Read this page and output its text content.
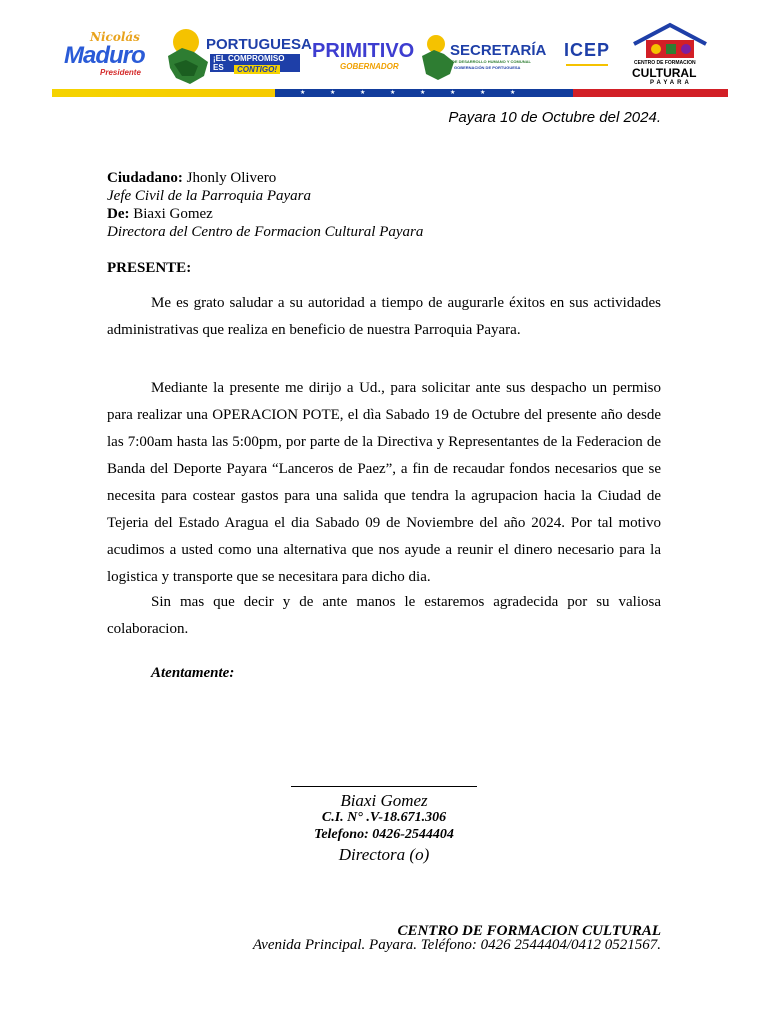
Nicolás
Maduro
Presidente
PORTUGUESA
¡EL COMPROMISO ES	CONTIGO!
PRIMITIVO
GOBERNADOR
SECRETARÍA
DE DESARROLLO HUMANO Y COMUNAL
GOBERNACIÓN DE PORTUGUESA
ICEP
CENTRO DE FORMACION
CULTURAL
PAYARA
★	★	★	★	★	★	★	★
Payara 10 de Octubre del 2024.
Ciudadano: Jhonly Olivero
Jefe Civil de la Parroquia Payara
De: Biaxi Gomez
Directora del Centro de Formacion Cultural Payara
PRESENTE:
Me es grato saludar a su autoridad a tiempo de augurarle éxitos en sus actividades administrativas que realiza en beneficio de nuestra Parroquia Payara.
Mediante la presente me dirijo a Ud., para solicitar ante sus despacho un permiso para realizar una OPERACION POTE, el dìa Sabado 19 de Octubre del presente año desde las 7:00am hasta las 5:00pm, por parte de la Directiva y Representantes de la Federacion de Banda del Deporte Payara “Lanceros de Paez”, a fin de recaudar fondos necesarios que se necesita para costear gastos para una salida que tendra la agrupacion hacia la Ciudad de Tejeria del Estado Aragua el dia Sabado 09 de Noviembre del año 2024. Por tal motivo acudimos a usted como una alternativa que nos ayude a reunir el dinero necesario para la logistica y transporte que se necesitara para dicho dia.
Sin mas que decir y de ante manos le estaremos agradecida por su valiosa colaboracion.
Atentamente:
Biaxi Gomez
C.I. N° .V-18.671.306
Telefono: 0426-2544404
Directora (o)
CENTRO DE FORMACION CULTURAL
Avenida Principal. Payara. Teléfono: 0426 2544404/0412 0521567.
